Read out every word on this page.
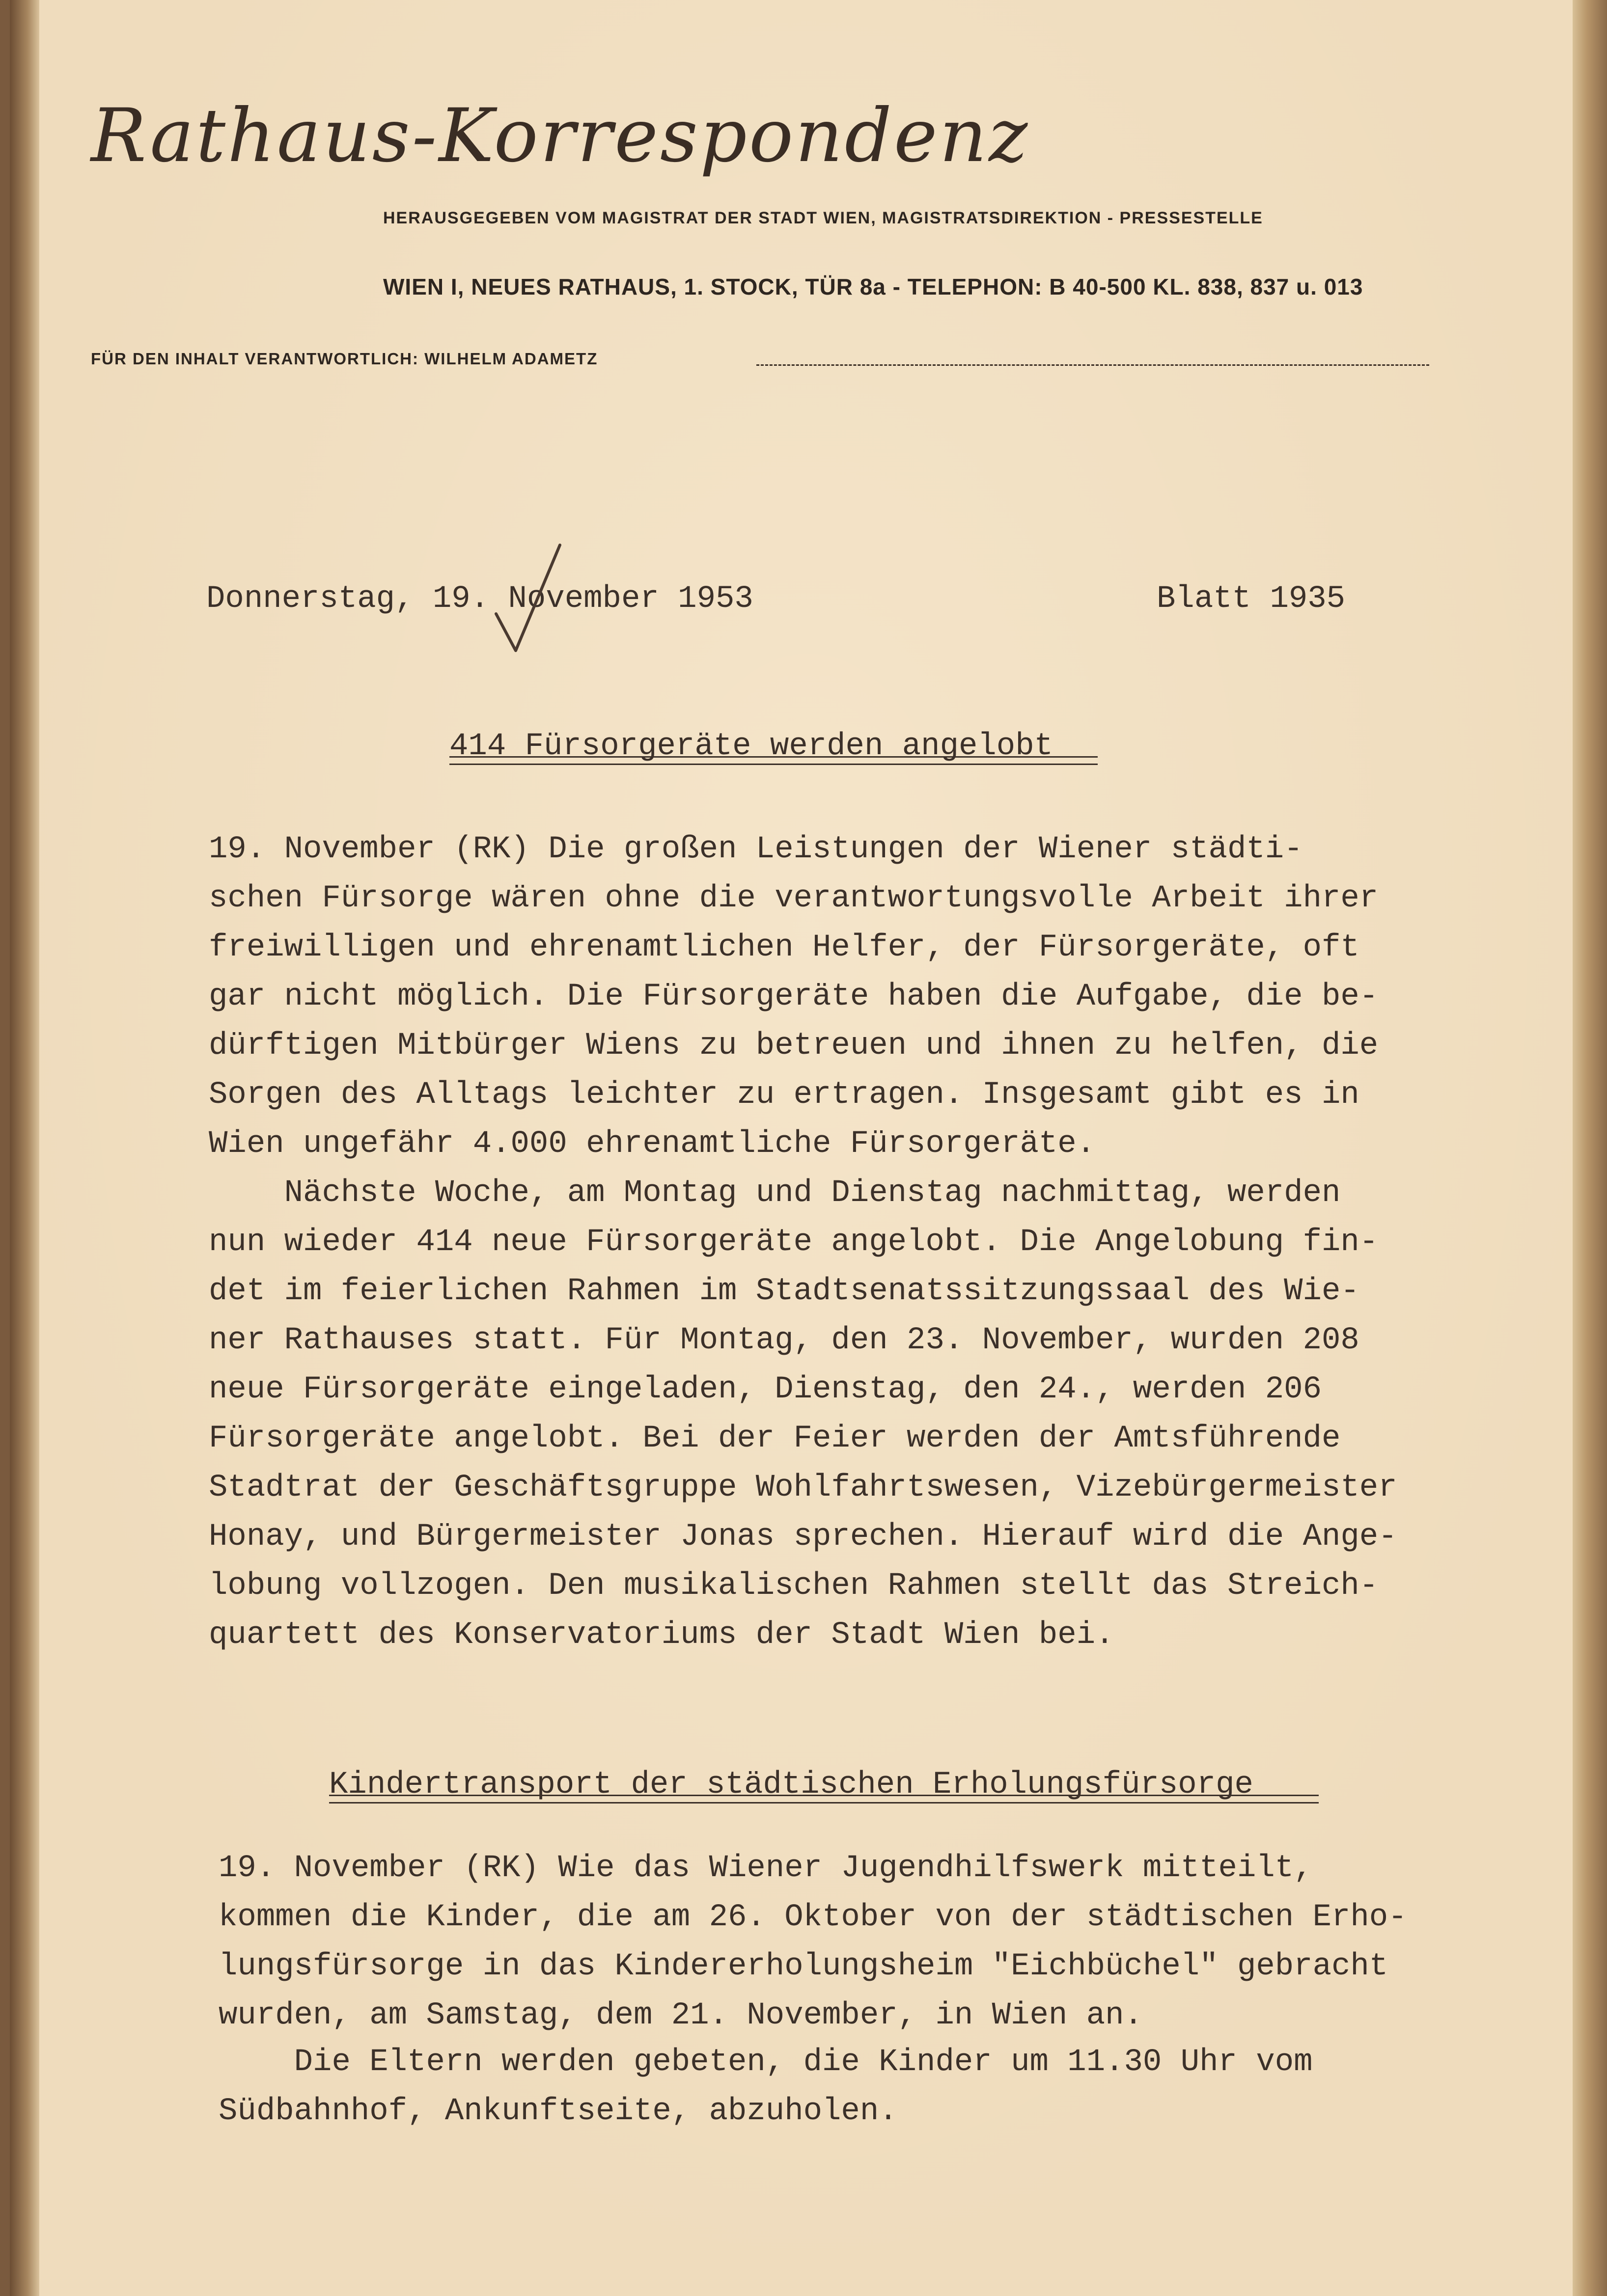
Rathaus-Korrespondenz
HERAUSGEGEBEN VOM MAGISTRAT DER STADT WIEN, MAGISTRATSDIREKTION - PRESSESTELLE
WIEN I, NEUES RATHAUS, 1. STOCK, TÜR 8a - TELEPHON: B 40-500 KL. 838, 837 u. 013
FÜR DEN INHALT VERANTWORTLICH: WILHELM ADAMETZ
Donnerstag, 19. November 1953	Blatt 1935
414 Fürsorgeräte werden angelobt
19. November (RK) Die großen Leistungen der Wiener städti-
schen Fürsorge wären ohne die verantwortungsvolle Arbeit ihrer
freiwilligen und ehrenamtlichen Helfer, der Fürsorgeräte, oft
gar nicht möglich. Die Fürsorgeräte haben die Aufgabe, die be-
dürftigen Mitbürger Wiens zu betreuen und ihnen zu helfen, die
Sorgen des Alltags leichter zu ertragen. Insgesamt gibt es in
Wien ungefähr 4.000 ehrenamtliche Fürsorgeräte.
Nächste Woche, am Montag und Dienstag nachmittag, werden
nun wieder 414 neue Fürsorgeräte angelobt. Die Angelobung fin-
det im feierlichen Rahmen im Stadtsenatssitzungssaal des Wie-
ner Rathauses statt. Für Montag, den 23. November, wurden 208
neue Fürsorgeräte eingeladen, Dienstag, den 24., werden 206
Fürsorgeräte angelobt. Bei der Feier werden der Amtsführende
Stadtrat der Geschäftsgruppe Wohlfahrtswesen, Vizebürgermeister
Honay, und Bürgermeister Jonas sprechen. Hierauf wird die Ange-
lobung vollzogen. Den musikalischen Rahmen stellt das Streich-
quartett des Konservatoriums der Stadt Wien bei.
Kindertransport der städtischen Erholungsfürsorge
19. November (RK) Wie das Wiener Jugendhilfswerk mitteilt,
kommen die Kinder, die am 26. Oktober von der städtischen Erho-
lungsfürsorge in das Kindererholungsheim "Eichbüchel" gebracht
wurden, am Samstag, dem 21. November, in Wien an.
Die Eltern werden gebeten, die Kinder um 11.30 Uhr vom
Südbahnhof, Ankunftseite, abzuholen.
